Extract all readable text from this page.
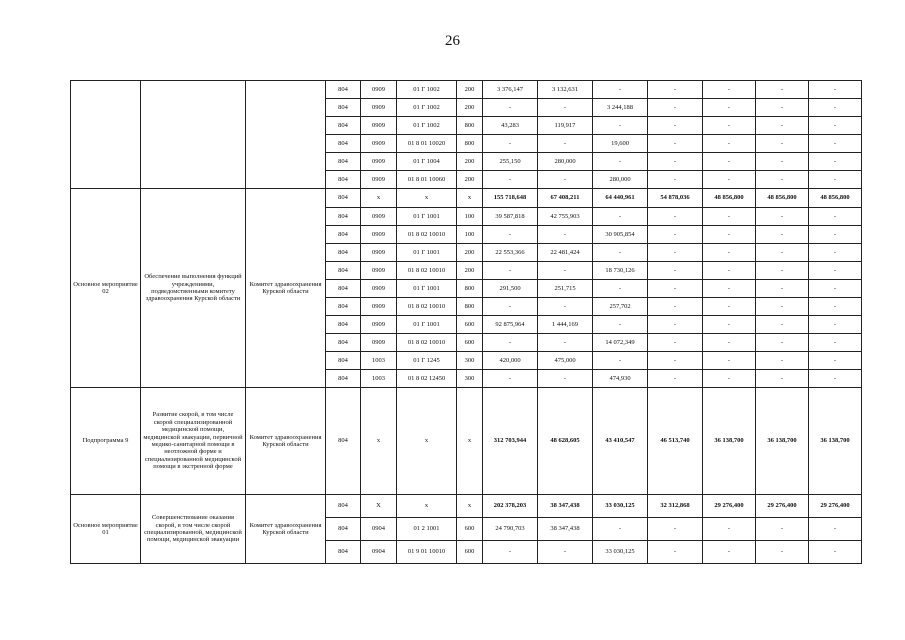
26
			804	0909	01 Г 1002	200	3 376,147	3 132,631	-	-	-	-	-
			804	0909	01 Г 1002	200	-	-	3 244,188	-	-	-	-
			804	0909	01 Г 1002	800	43,283	119,917	-	-	-	-	-
			804	0909	01 8 01 10020	800	-	-	19,600	-	-	-	-
			804	0909	01 Г 1004	200	255,150	280,000	-	-	-	-	-
			804	0909	01 8 01 10060	200	-	-	280,000	-	-	-	-
Основное мероприятие 02	Обеспечение выполнения функций учреждениями, подведомственными комитету здравоохранения Курской области	Комитет здравоохранения Курской области	804	x	x	x	155 718,648	67 408,211	64 440,961	54 878,036	48 856,800	48 856,800	48 856,800
			804	0909	01 Г 1001	100	39 587,818	42 755,903	-	-	-	-	-
			804	0909	01 8 02 10010	100	-	-	30 905,854	-	-	-	-
			804	0909	01 Г 1001	200	22 553,366	22 481,424	-	-	-	-	-
			804	0909	01 8 02 10010	200	-	-	18 730,126	-	-	-	-
			804	0909	01 Г 1001	800	291,500	251,715	-	-	-	-	-
			804	0909	01 8 02 10010	800	-	-	257,702	-	-	-	-
			804	0909	01 Г 1001	600	92 875,964	1 444,169	-	-	-	-	-
			804	0909	01 8 02 10010	600	-	-	14 072,349	-	-	-	-
			804	1003	01 Г 1245	300	420,000	475,000	-	-	-	-	-
			804	1003	01 8 02 12450	300	-	-	474,930	-	-	-	-
Подпрограмма 9	Развитие скорой, в том числе скорой специализированной медицинской помощи, медицинской эвакуации, первичной медико-санитарной помощи в неотложной форме и специализированной медицинской помощи в экстренной форме	Комитет здравоохранения Курской области	804	x	x	x	312 703,944	48 628,605	43 410,547	46 513,740	36 138,700	36 138,700	36 138,700
Основное мероприятие 01	Совершенствование оказания скорой, в том числе скорой специализированной, медицинской помощи, медицинской эвакуации	Комитет здравоохранения Курской области	804	X	x	x	202 378,203	38 347,438	33 030,125	32 312,868	29 276,400	29 276,400	29 276,400
			804	0904	01 2 1001	600	24 790,703	38 347,438	-	-	-	-	-
			804	0904	01 9 01 10010	600	-	-	33 030,125	-	-	-	-
